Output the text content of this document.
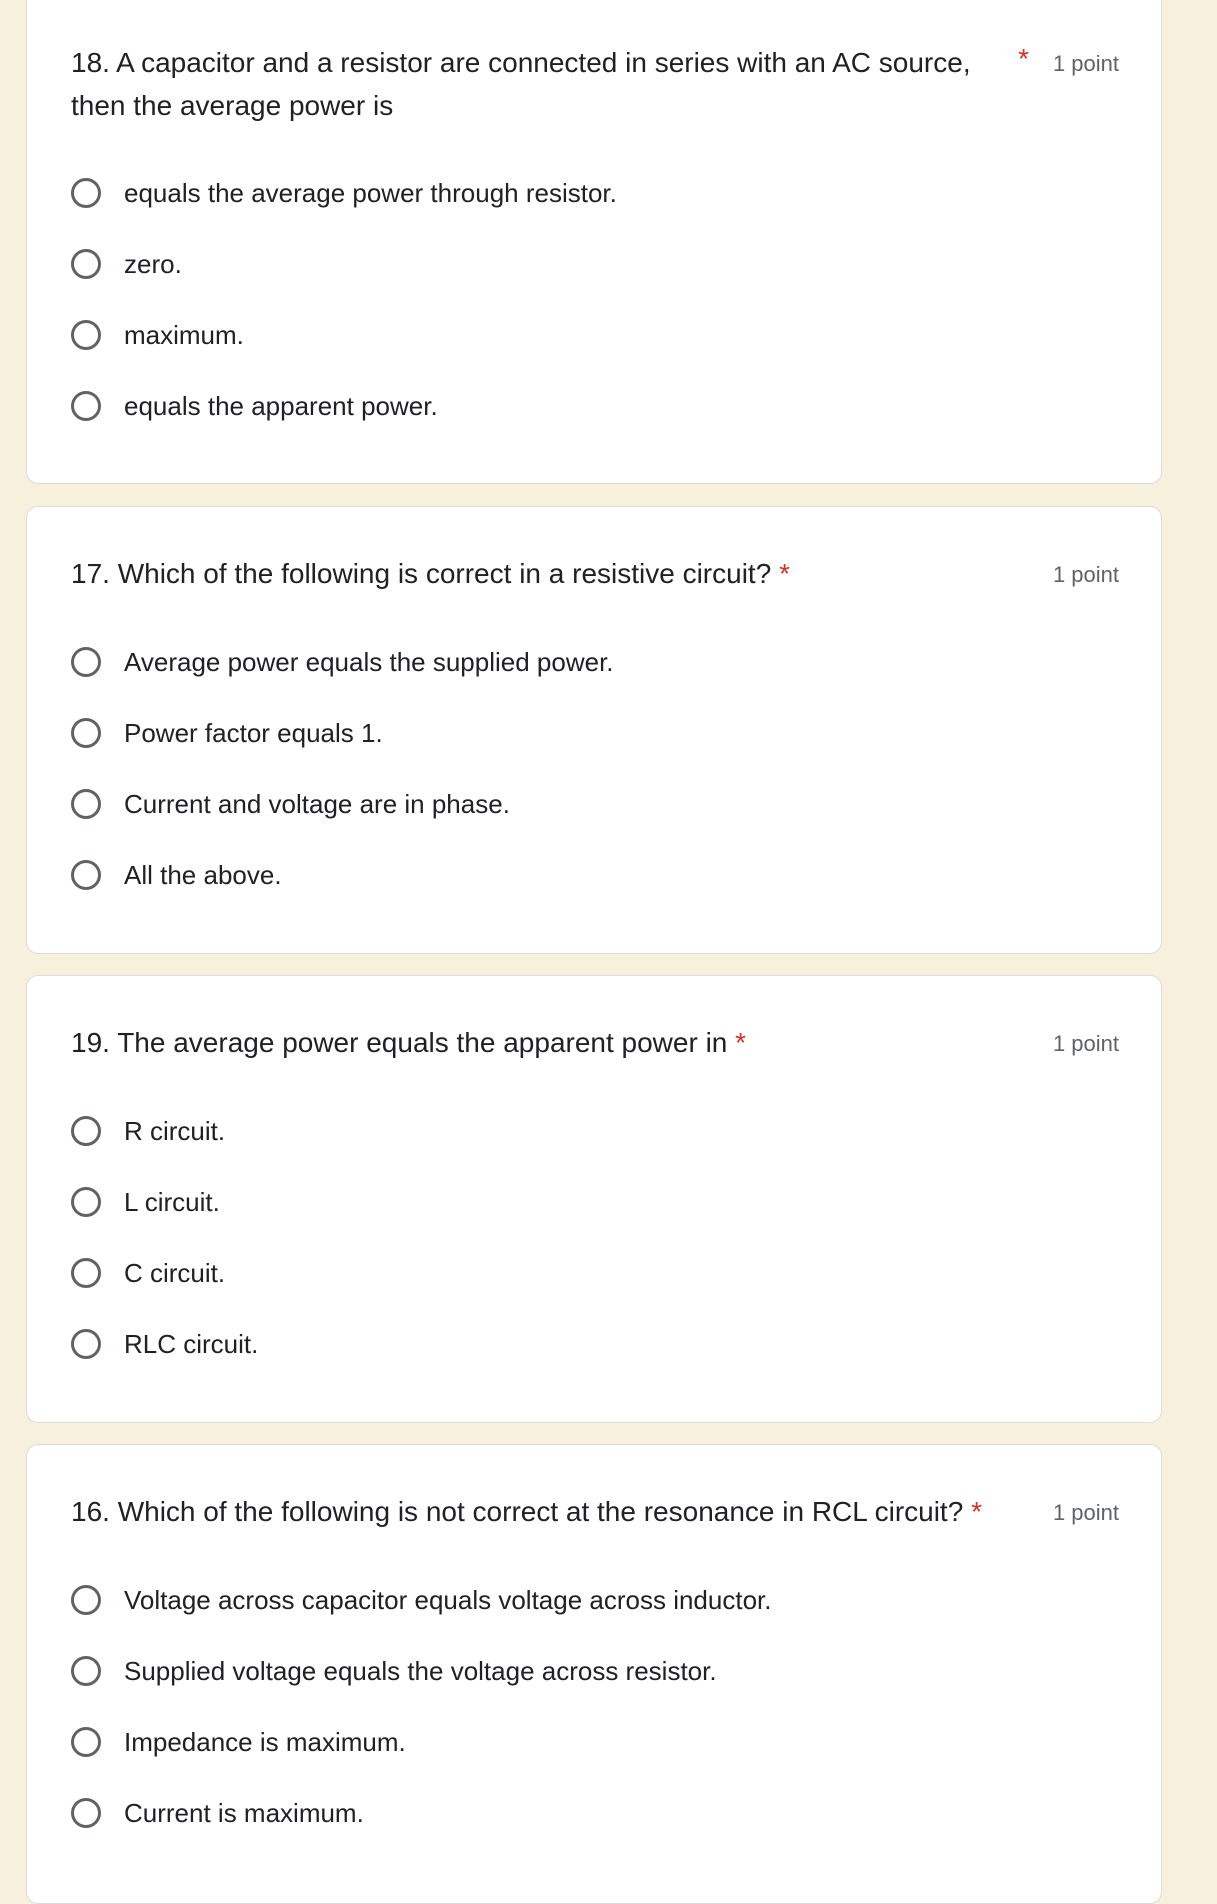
18. A capacitor and a resistor are connected in series with an AC source,
then the average power is
* 1 point
equals the average power through resistor.
zero.
maximum.
equals the apparent power.
17. Which of the following is correct in a resistive circuit? *	1 point
Average power equals the supplied power.
Power factor equals 1.
Current and voltage are in phase.
All the above.
19. The average power equals the apparent power in *	1 point
R circuit.
L circuit.
C circuit.
RLC circuit.
16. Which of the following is not correct at the resonance in RCL circuit? *	1 point
Voltage across capacitor equals voltage across inductor.
Supplied voltage equals the voltage across resistor.
Impedance is maximum.
Current is maximum.
